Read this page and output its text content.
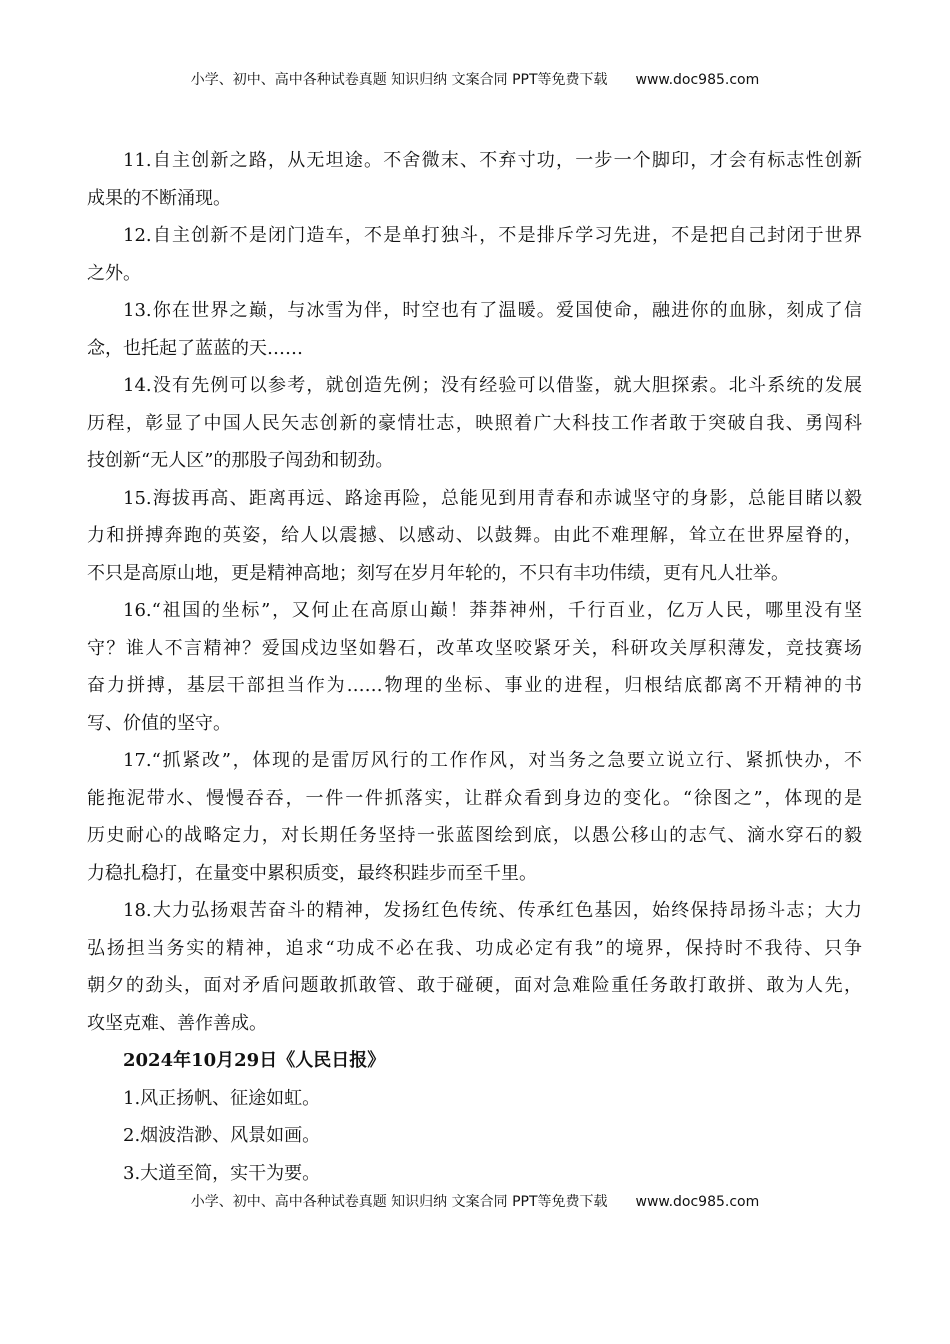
小学、初中、高中各种试卷真题 知识归纳 文案合同 PPT等免费下载 www.doc985.com
11.自主创新之路，从无坦途。不舍微末、不弃寸功，一步一个脚印，才会有标志性创新
成果的不断涌现。
12.自主创新不是闭门造车，不是单打独斗，不是排斥学习先进，不是把自己封闭于世界
之外。
13.你在世界之巅，与冰雪为伴，时空也有了温暖。爱国使命，融进你的血脉，刻成了信
念，也托起了蓝蓝的天……
14.没有先例可以参考，就创造先例；没有经验可以借鉴，就大胆探索。北斗系统的发展
历程，彰显了中国人民矢志创新的豪情壮志，映照着广大科技工作者敢于突破自我、勇闯科
技创新“无人区”的那股子闯劲和韧劲。
15.海拔再高、距离再远、路途再险，总能见到用青春和赤诚坚守的身影，总能目睹以毅
力和拼搏奔跑的英姿，给人以震撼、以感动、以鼓舞。由此不难理解，耸立在世界屋脊的，
不只是高原山地，更是精神高地；刻写在岁月年轮的，不只有丰功伟绩，更有凡人壮举。
16.“祖国的坐标”，又何止在高原山巅！莽莽神州，千行百业，亿万人民，哪里没有坚
守？谁人不言精神？爱国戍边坚如磐石，改革攻坚咬紧牙关，科研攻关厚积薄发，竞技赛场
奋力拼搏，基层干部担当作为……物理的坐标、事业的进程，归根结底都离不开精神的书
写、价值的坚守。
17.“抓紧改”，体现的是雷厉风行的工作作风，对当务之急要立说立行、紧抓快办，不
能拖泥带水、慢慢吞吞，一件一件抓落实，让群众看到身边的变化。“徐图之”，体现的是
历史耐心的战略定力，对长期任务坚持一张蓝图绘到底，以愚公移山的志气、滴水穿石的毅
力稳扎稳打，在量变中累积质变，最终积跬步而至千里。
18.大力弘扬艰苦奋斗的精神，发扬红色传统、传承红色基因，始终保持昂扬斗志；大力
弘扬担当务实的精神，追求“功成不必在我、功成必定有我”的境界，保持时不我待、只争
朝夕的劲头，面对矛盾问题敢抓敢管、敢于碰硬，面对急难险重任务敢打敢拼、敢为人先，
攻坚克难、善作善成。
2024年10月29日《人民日报》
1.风正扬帆、征途如虹。
2.烟波浩渺、风景如画。
3.大道至简，实干为要。
小学、初中、高中各种试卷真题 知识归纳 文案合同 PPT等免费下载 www.doc985.com
